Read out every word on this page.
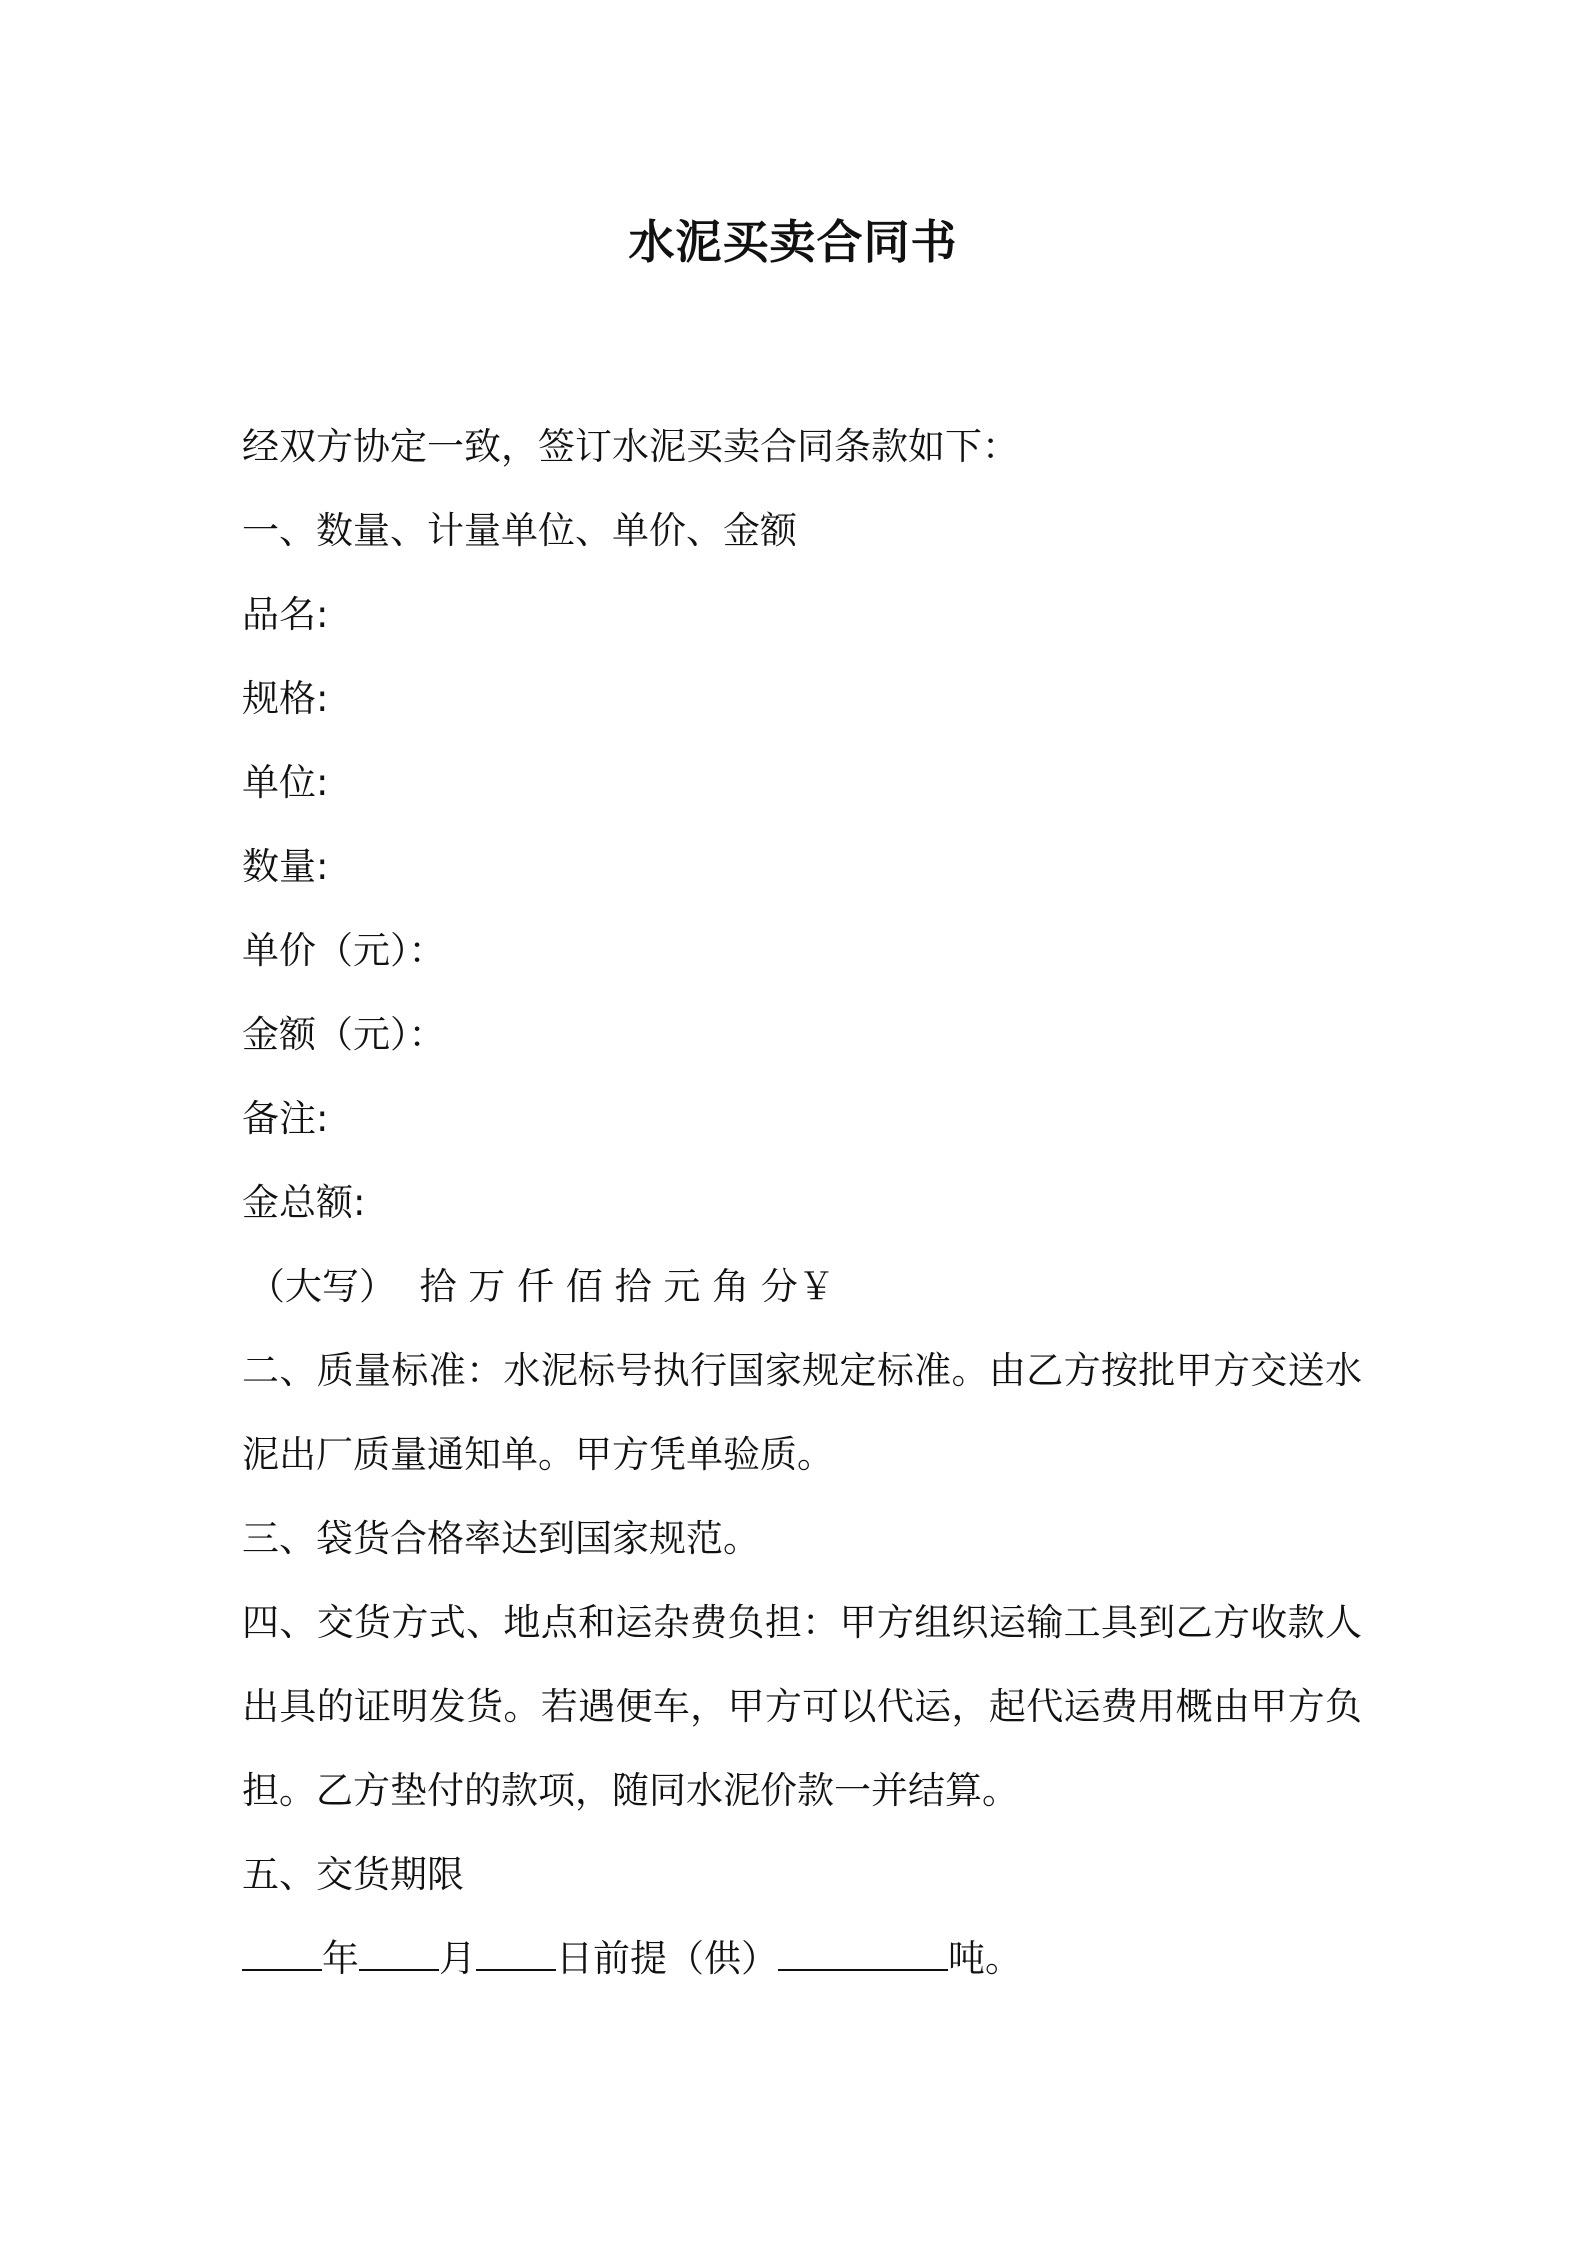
水泥买卖合同书

经双方协定一致，签订水泥买卖合同条款如下：

一、数量、计量单位、单价、金额

品名:

规格:

单位:

数量:

单价（元）：

金额（元）：

备注:

金总额:

（大写）  拾 万 仟 佰 拾 元 角 分￥

二、质量标准：水泥标号执行国家规定标准。由乙方按批甲方交送水泥出厂质量通知单。甲方凭单验质。

三、袋货合格率达到国家规范。

四、交货方式、地点和运杂费负担：甲方组织运输工具到乙方收款人出具的证明发货。若遇便车，甲方可以代运，起代运费用概由甲方负担。乙方垫付的款项，随同水泥价款一并结算。

五、交货期限

年 月 日前提（供）	吨。
